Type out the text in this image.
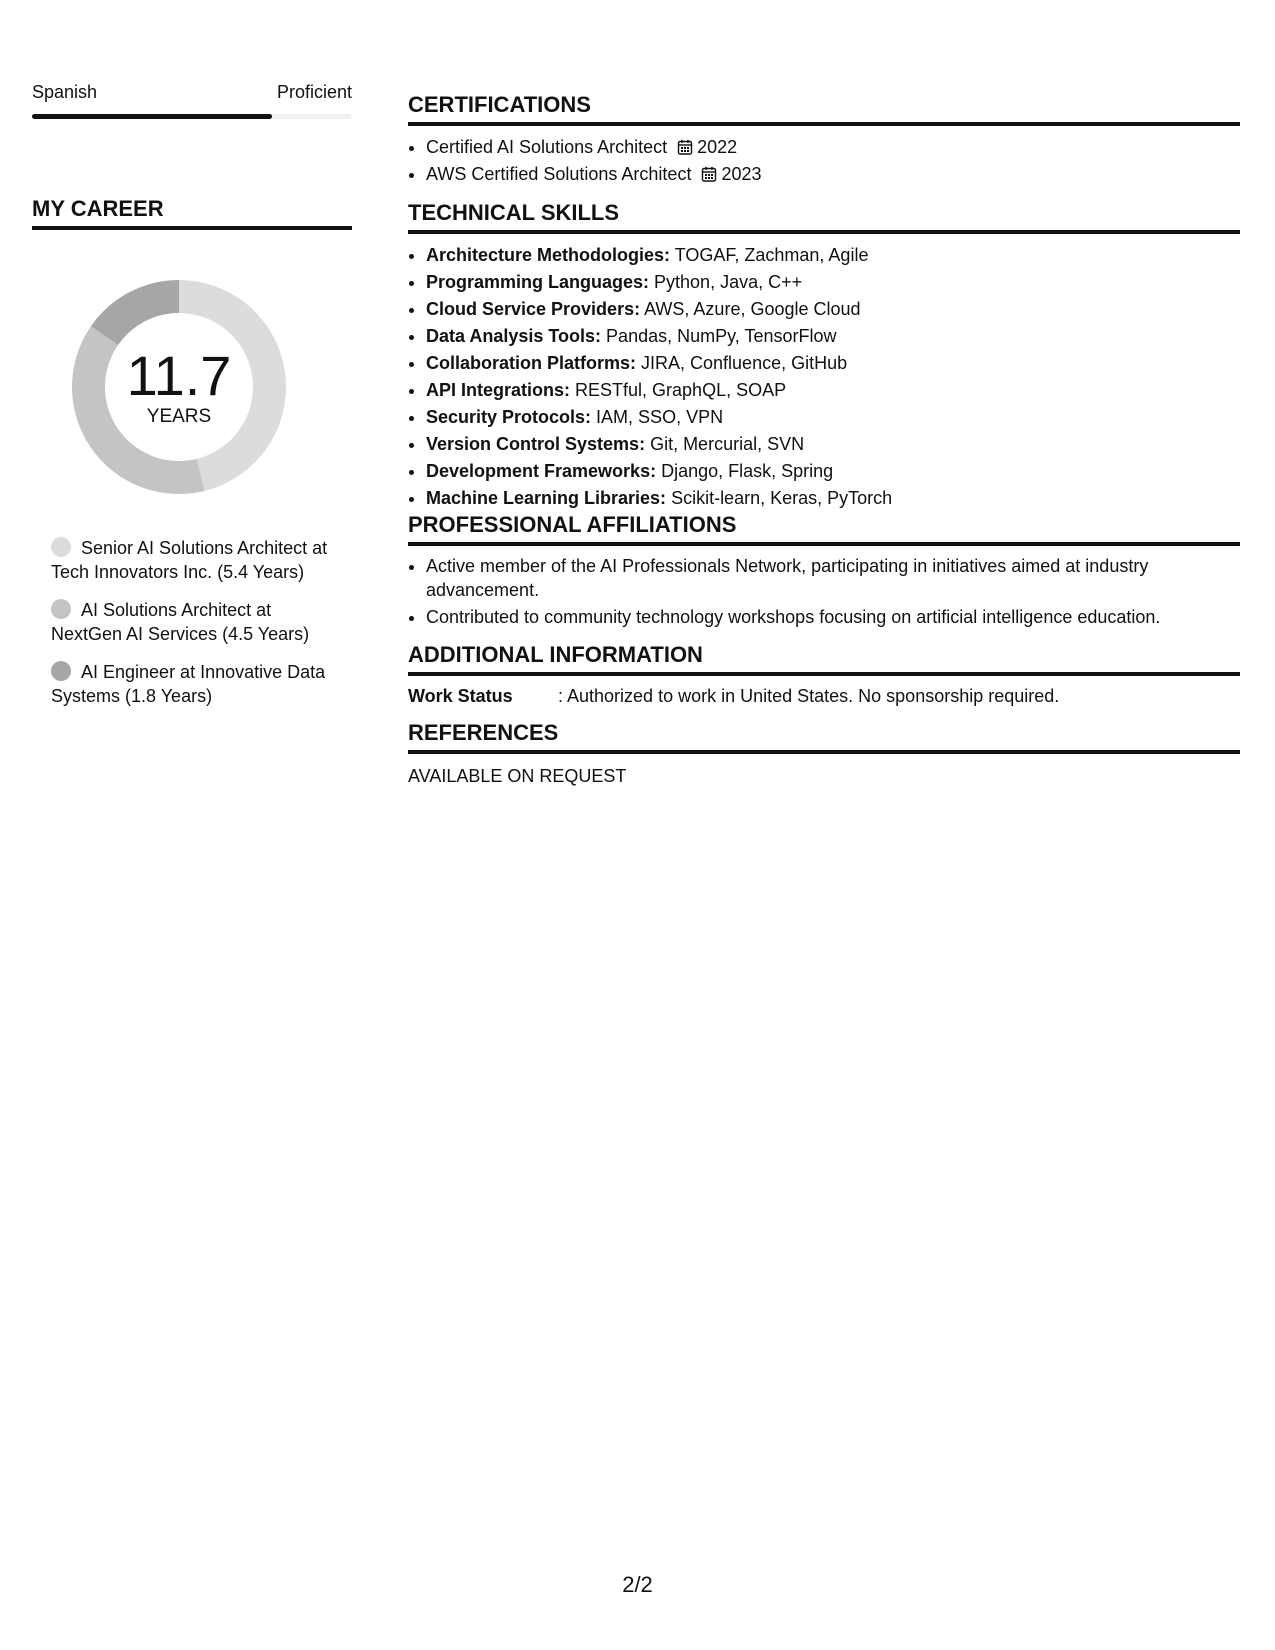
Spanish	Proficient
MY CAREER
11.7
YEARS
Senior AI Solutions Architect at Tech Innovators Inc. (5.4 Years)
AI Solutions Architect at NextGen AI Services (4.5 Years)
AI Engineer at Innovative Data Systems (1.8 Years)
CERTIFICATIONS
• Certified AI Solutions Architect 2022
• AWS Certified Solutions Architect 2023
TECHNICAL SKILLS
• Architecture Methodologies: TOGAF, Zachman, Agile
• Programming Languages: Python, Java, C++
• Cloud Service Providers: AWS, Azure, Google Cloud
• Data Analysis Tools: Pandas, NumPy, TensorFlow
• Collaboration Platforms: JIRA, Confluence, GitHub
• API Integrations: RESTful, GraphQL, SOAP
• Security Protocols: IAM, SSO, VPN
• Version Control Systems: Git, Mercurial, SVN
• Development Frameworks: Django, Flask, Spring
• Machine Learning Libraries: Scikit-learn, Keras, PyTorch
PROFESSIONAL AFFILIATIONS
• Active member of the AI Professionals Network, participating in initiatives aimed at industry advancement.
• Contributed to community technology workshops focusing on artificial intelligence education.
ADDITIONAL INFORMATION
Work Status	: Authorized to work in United States. No sponsorship required.
REFERENCES
AVAILABLE ON REQUEST
2/2
